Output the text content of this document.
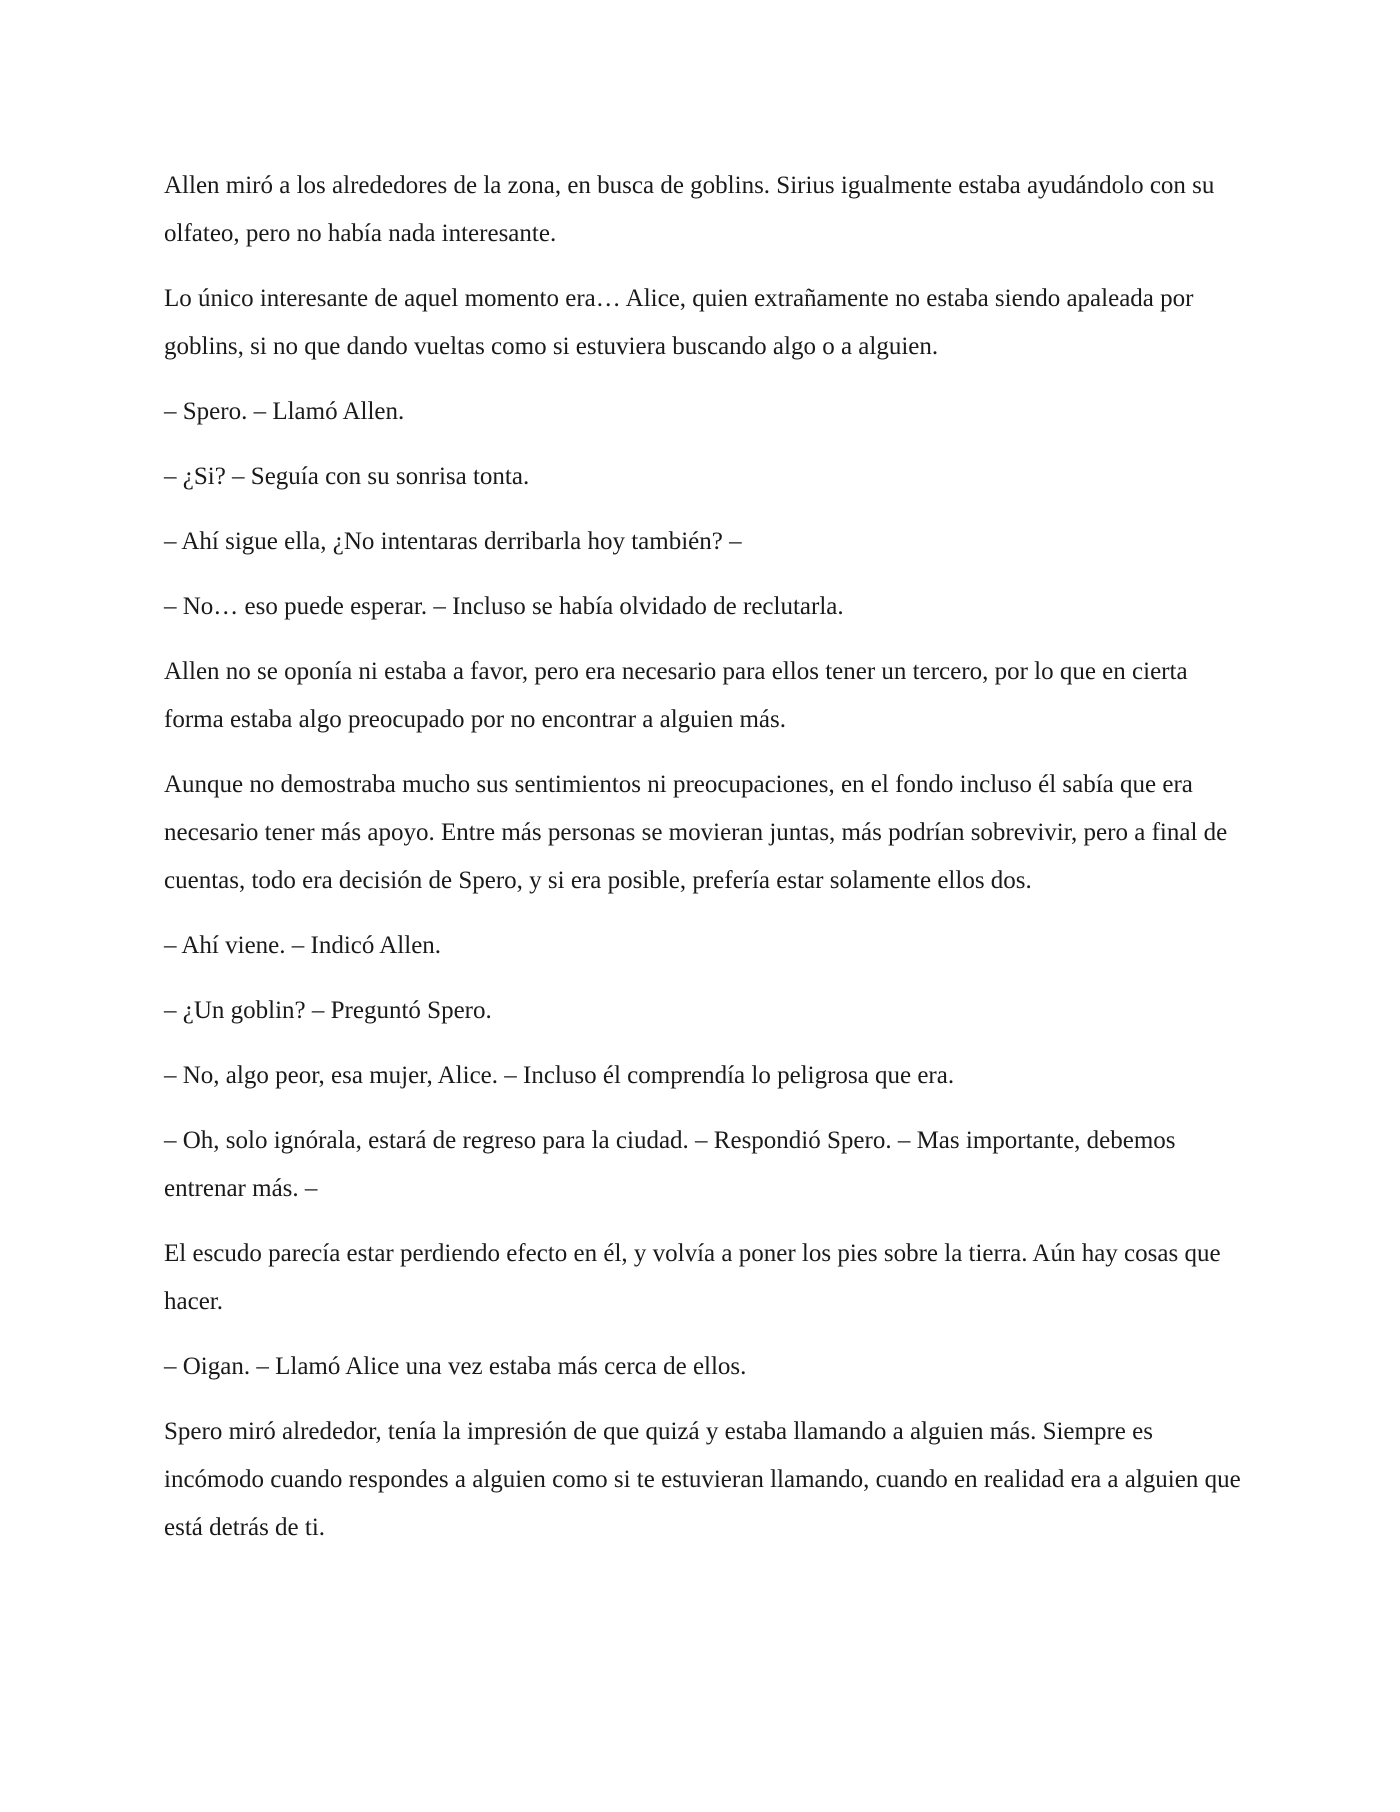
Allen miró a los alrededores de la zona, en busca de goblins. Sirius igualmente estaba ayudándolo con su olfateo, pero no había nada interesante.

Lo único interesante de aquel momento era… Alice, quien extrañamente no estaba siendo apaleada por goblins, si no que dando vueltas como si estuviera buscando algo o a alguien.

– Spero. – Llamó Allen.

– ¿Si? – Seguía con su sonrisa tonta.

– Ahí sigue ella, ¿No intentaras derribarla hoy también? –

– No… eso puede esperar. – Incluso se había olvidado de reclutarla.

Allen no se oponía ni estaba a favor, pero era necesario para ellos tener un tercero, por lo que en cierta forma estaba algo preocupado por no encontrar a alguien más.

Aunque no demostraba mucho sus sentimientos ni preocupaciones, en el fondo incluso él sabía que era necesario tener más apoyo. Entre más personas se movieran juntas, más podrían sobrevivir, pero a final de cuentas, todo era decisión de Spero, y si era posible, prefería estar solamente ellos dos.

– Ahí viene. – Indicó Allen.

– ¿Un goblin? – Preguntó Spero.

– No, algo peor, esa mujer, Alice. – Incluso él comprendía lo peligrosa que era.

– Oh, solo ignórala, estará de regreso para la ciudad. – Respondió Spero. – Mas importante, debemos entrenar más. –

El escudo parecía estar perdiendo efecto en él, y volvía a poner los pies sobre la tierra. Aún hay cosas que hacer.

– Oigan. – Llamó Alice una vez estaba más cerca de ellos.

Spero miró alrededor, tenía la impresión de que quizá y estaba llamando a alguien más. Siempre es incómodo cuando respondes a alguien como si te estuvieran llamando, cuando en realidad era a alguien que está detrás de ti.
